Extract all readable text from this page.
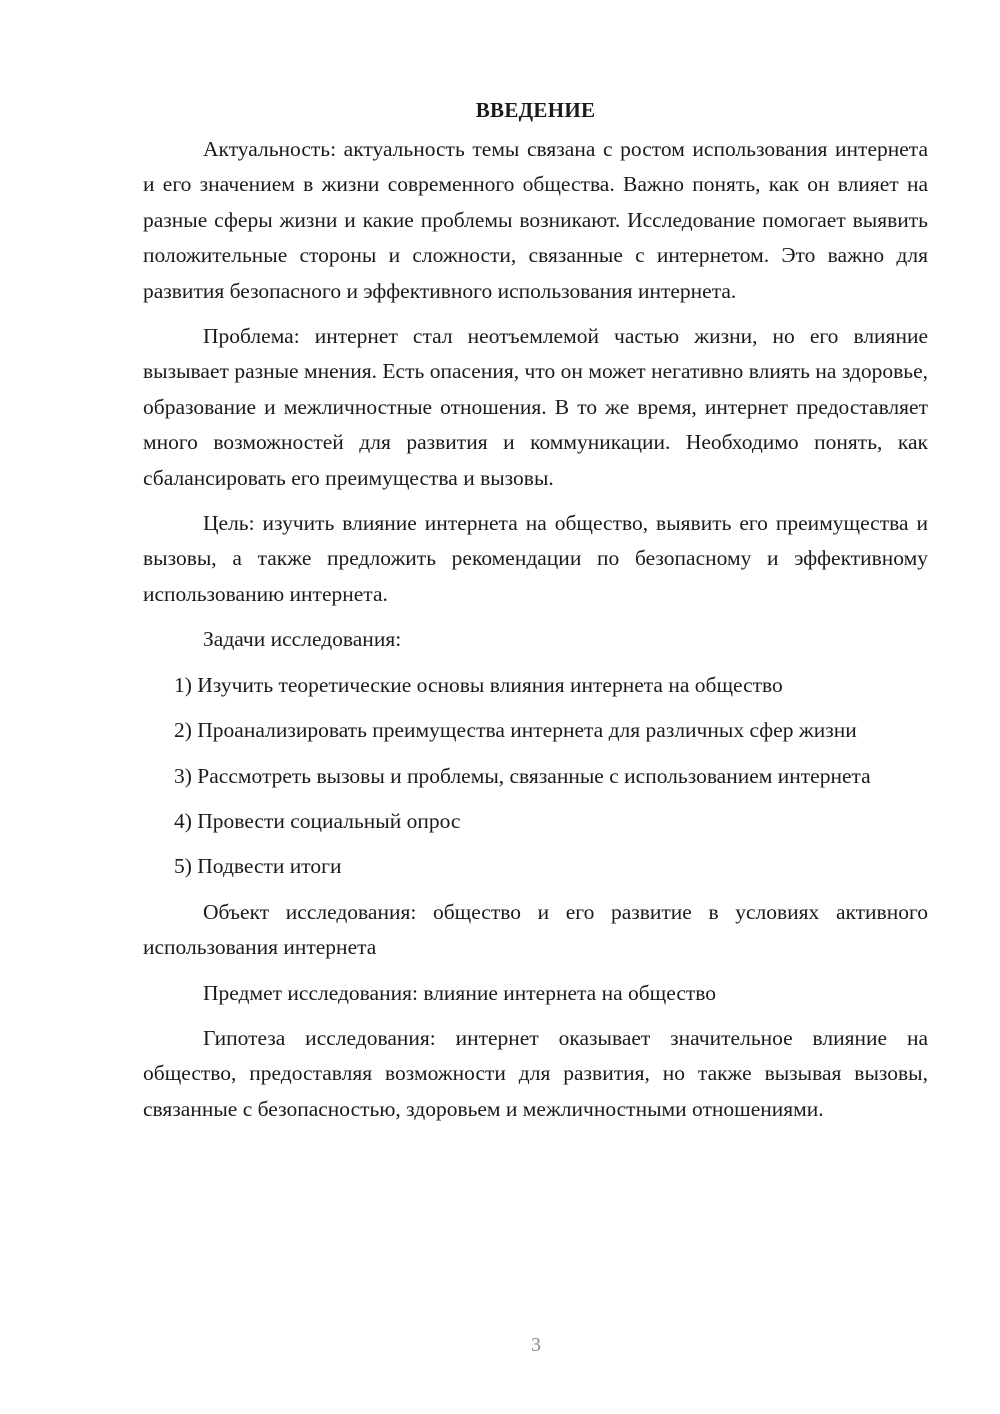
ВВЕДЕНИЕ

Актуальность: актуальность темы связана с ростом использования интернета и его значением в жизни современного общества. Важно понять, как он влияет на разные сферы жизни и какие проблемы возникают. Исследование помогает выявить положительные стороны и сложности, связанные с интернетом. Это важно для развития безопасного и эффективного использования интернета.

Проблема: интернет стал неотъемлемой частью жизни, но его влияние вызывает разные мнения. Есть опасения, что он может негативно влиять на здоровье, образование и межличностные отношения. В то же время, интернет предоставляет много возможностей для развития и коммуникации. Необходимо понять, как сбалансировать его преимущества и вызовы.

Цель: изучить влияние интернета на общество, выявить его преимущества и вызовы, а также предложить рекомендации по безопасному и эффективному использованию интернета.

Задачи исследования:

1) Изучить теоретические основы влияния интернета на общество

2) Проанализировать преимущества интернета для различных сфер жизни

3) Рассмотреть вызовы и проблемы, связанные с использованием интернета

4) Провести социальный опрос

5) Подвести итоги

Объект исследования: общество и его развитие в условиях активного использования интернета

Предмет исследования: влияние интернета на общество

Гипотеза исследования: интернет оказывает значительное влияние на общество, предоставляя возможности для развития, но также вызывая вызовы, связанные с безопасностью, здоровьем и межличностными отношениями.

3
